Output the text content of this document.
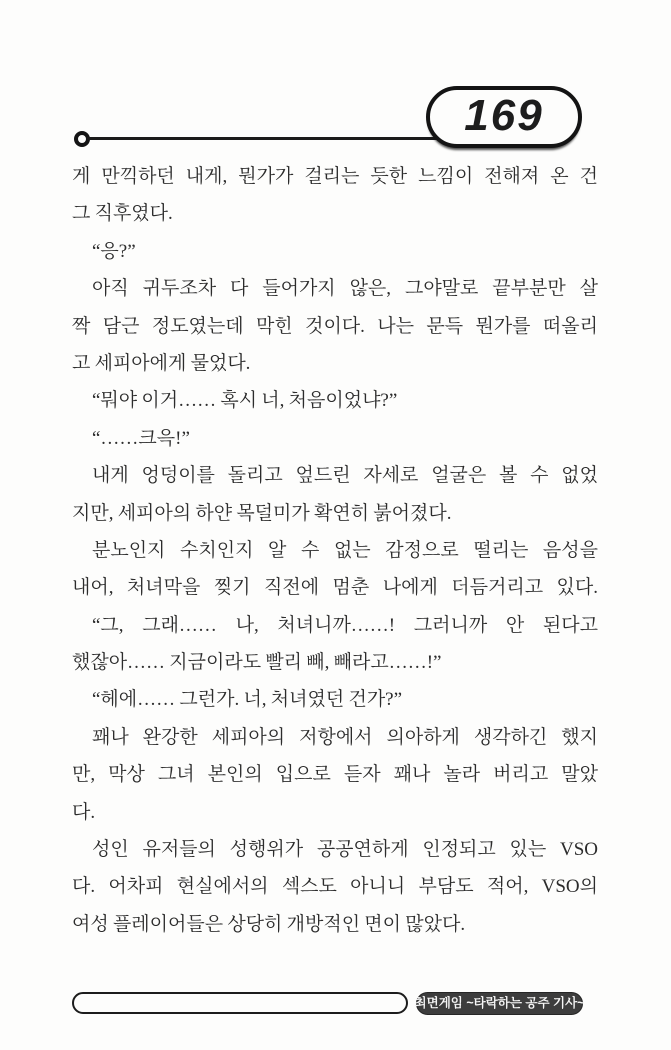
169
게 만끽하던 내게, 뭔가가 걸리는 듯한 느낌이 전해져 온 건
그 직후였다.
“응?”
아직 귀두조차 다 들어가지 않은, 그야말로 끝부분만 살
짝 담근 정도였는데 막힌 것이다. 나는 문득 뭔가를 떠올리
고 세피아에게 물었다.
“뭐야 이거…… 혹시 너, 처음이었냐?”
“……크윽!”
내게 엉덩이를 돌리고 엎드린 자세로 얼굴은 볼 수 없었
지만, 세피아의 하얀 목덜미가 확연히 붉어졌다.
분노인지 수치인지 알 수 없는 감정으로 떨리는 음성을
내어, 처녀막을 찢기 직전에 멈춘 나에게 더듬거리고 있다.
“그, 그래…… 나, 처녀니까……! 그러니까 안 된다고
했잖아…… 지금이라도 빨리 빼, 빼라고……!”
“헤에…… 그런가. 너, 처녀였던 건가?”
꽤나 완강한 세피아의 저항에서 의아하게 생각하긴 했지
만, 막상 그녀 본인의 입으로 듣자 꽤나 놀라 버리고 말았
다.
성인 유저들의 성행위가 공공연하게 인정되고 있는 VSO
다. 어차피 현실에서의 섹스도 아니니 부담도 적어, VSO의
여성 플레이어들은 상당히 개방적인 면이 많았다.
최면게임 ~타락하는 공주 기사~
